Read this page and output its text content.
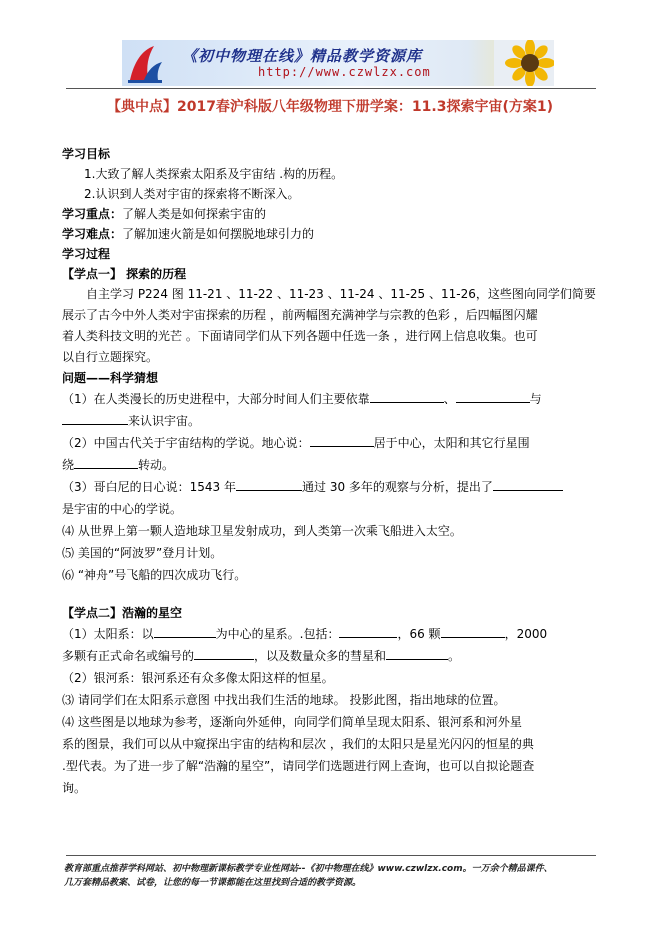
《初中物理在线》精品教学资源库
http://www.czwlzx.com
【典中点】2017春沪科版八年级物理下册学案：11.3探索宇宙(方案1)
学习目标
1.大致了解人类探索太阳系及宇宙结 .构的历程。
2.认识到人类对宇宙的探索将不断深入。
学习重点：了解人类是如何探索宇宙的
学习难点：了解加速火箭是如何摆脱地球引力的
学习过程
【学点一】 探索的历程
自主学习 P224 图 11-21 、11-22 、11-23 、11-24 、11-25 、11-26，这些图向同学们简要
展示了古今中外人类对宇宙探索的历程 ，前两幅图充满神学与宗教的色彩 ，后四幅图闪耀
着人类科技文明的光芒 。下面请同学们从下列各题中任选一条 ，进行网上信息收集。也可
以自行立题探究。
问题——科学猜想
（1）在人类漫长的历史进程中，大部分时间人们主要依靠	、	与
来认识宇宙。
（2）中国古代关于宇宙结构的学说。地心说：	居于中心，太阳和其它行星围
绕	转动。
（3）哥白尼的日心说：1543 年	通过 30 多年的观察与分析，提出了
是宇宙的中心的学说。
⑷ 从世界上第一颗人造地球卫星发射成功，到人类第一次乘飞船进入太空。
⑸ 美国的“阿波罗”登月计划。
⑹ “神舟”号飞船的四次成功飞行。
【学点二】浩瀚的星空
（1）太阳系：以	为中心的星系。.包括：	，66 颗	，2000
多颗有正式命名或编号的	，以及数量众多的彗星和	。
（2）银河系：银河系还有众多像太阳这样的恒星。
⑶ 请同学们在太阳系示意图 中找出我们生活的地球。 投影此图，指出地球的位置。
⑷ 这些图是以地球为参考，逐渐向外延伸，向同学们简单呈现太阳系、银河系和河外星
系的图景，我们可以从中窥探出宇宙的结构和层次 ，我们的太阳只是星光闪闪的恒星的典
.型代表。为了进一步了解“浩瀚的星空”，请同学们选题进行网上查询，也可以自拟论题查
询。
教育部重点推荐学科网站、初中物理新课标教学专业性网站--《初中物理在线》www.czwlzx.com。一万余个精品课件、
几万套精品教案、试卷，让您的每一节课都能在这里找到合适的教学资源。
